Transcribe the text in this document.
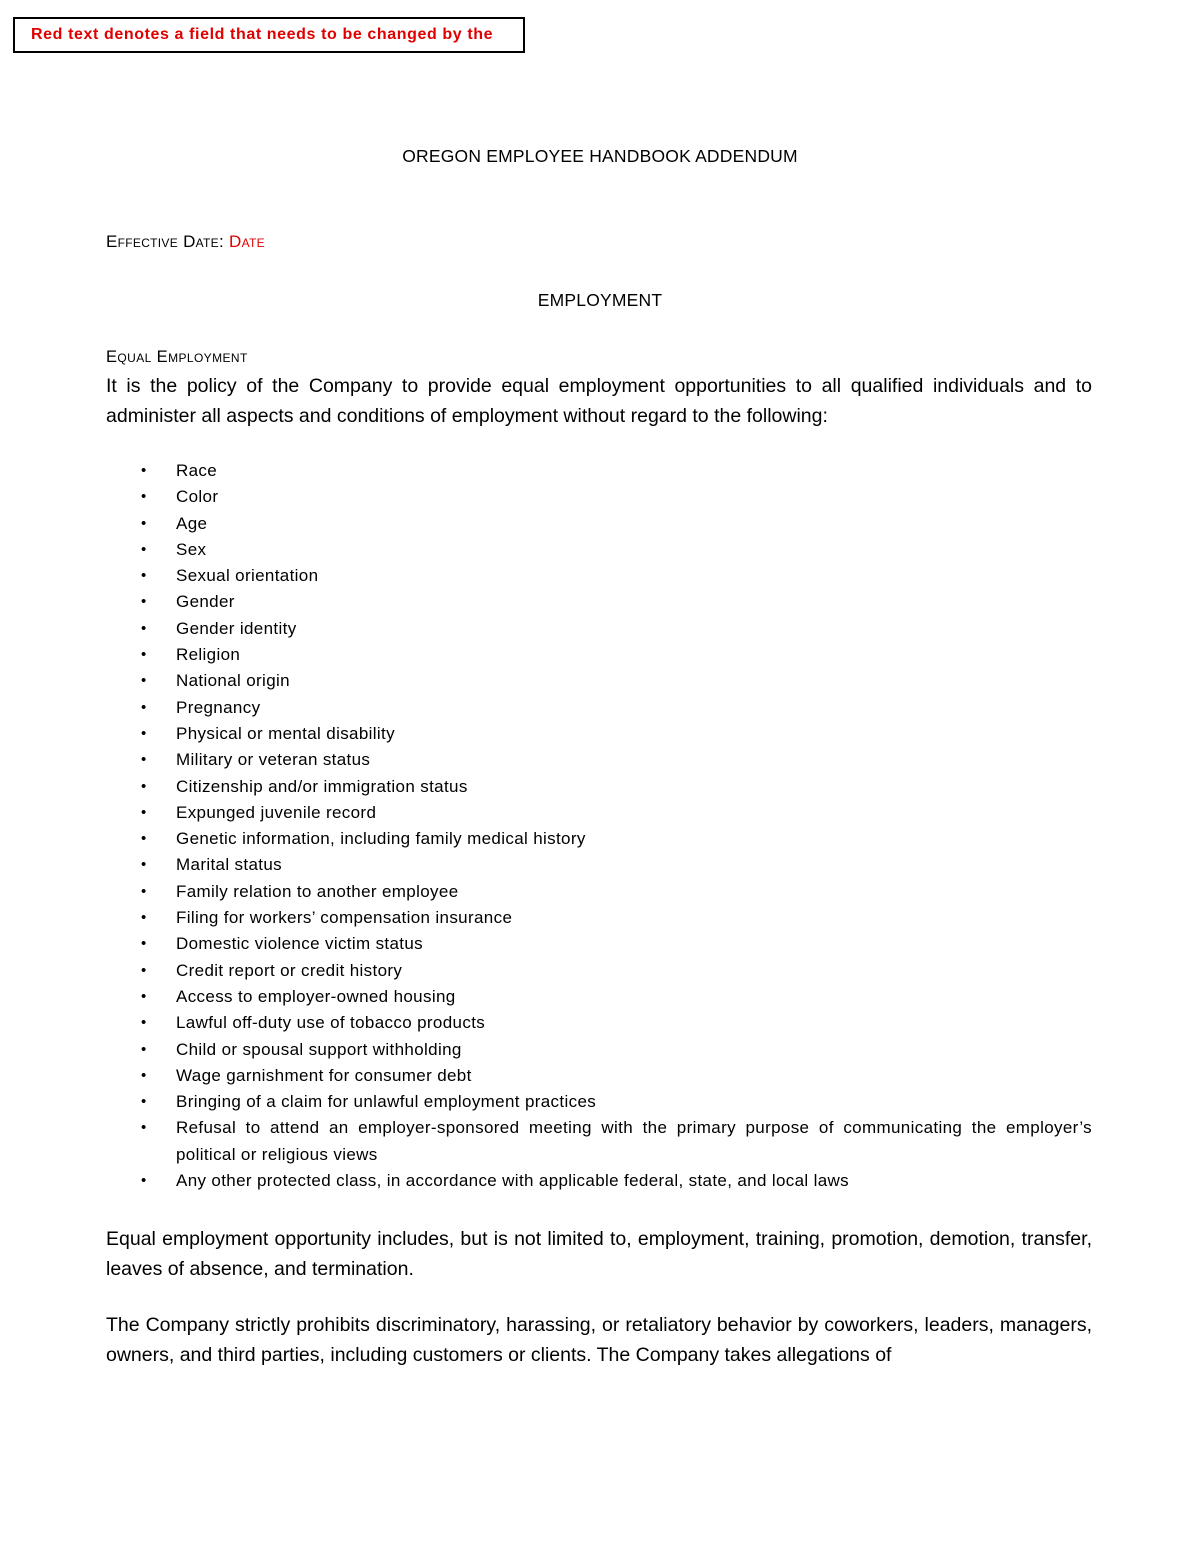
Red text denotes a field that needs to be changed by the
OREGON EMPLOYEE HANDBOOK ADDENDUM
Effective Date: Date
EMPLOYMENT
Equal Employment
It is the policy of the Company to provide equal employment opportunities to all qualified individuals and to administer all aspects and conditions of employment without regard to the following:
•	Race
•	Color
•	Age
•	Sex
•	Sexual orientation
•	Gender
•	Gender identity
•	Religion
•	National origin
•	Pregnancy
•	Physical or mental disability
•	Military or veteran status
•	Citizenship and/or immigration status
•	Expunged juvenile record
•	Genetic information, including family medical history
•	Marital status
•	Family relation to another employee
•	Filing for workers’ compensation insurance
•	Domestic violence victim status
•	Credit report or credit history
•	Access to employer-owned housing
•	Lawful off-duty use of tobacco products
•	Child or spousal support withholding
•	Wage garnishment for consumer debt
•	Bringing of a claim for unlawful employment practices
•	Refusal to attend an employer-sponsored meeting with the primary purpose of communicating the employer’s political or religious views
•	Any other protected class, in accordance with applicable federal, state, and local laws
Equal employment opportunity includes, but is not limited to, employment, training, promotion, demotion, transfer, leaves of absence, and termination.
The Company strictly prohibits discriminatory, harassing, or retaliatory behavior by coworkers, leaders, managers, owners, and third parties, including customers or clients. The Company takes allegations of
